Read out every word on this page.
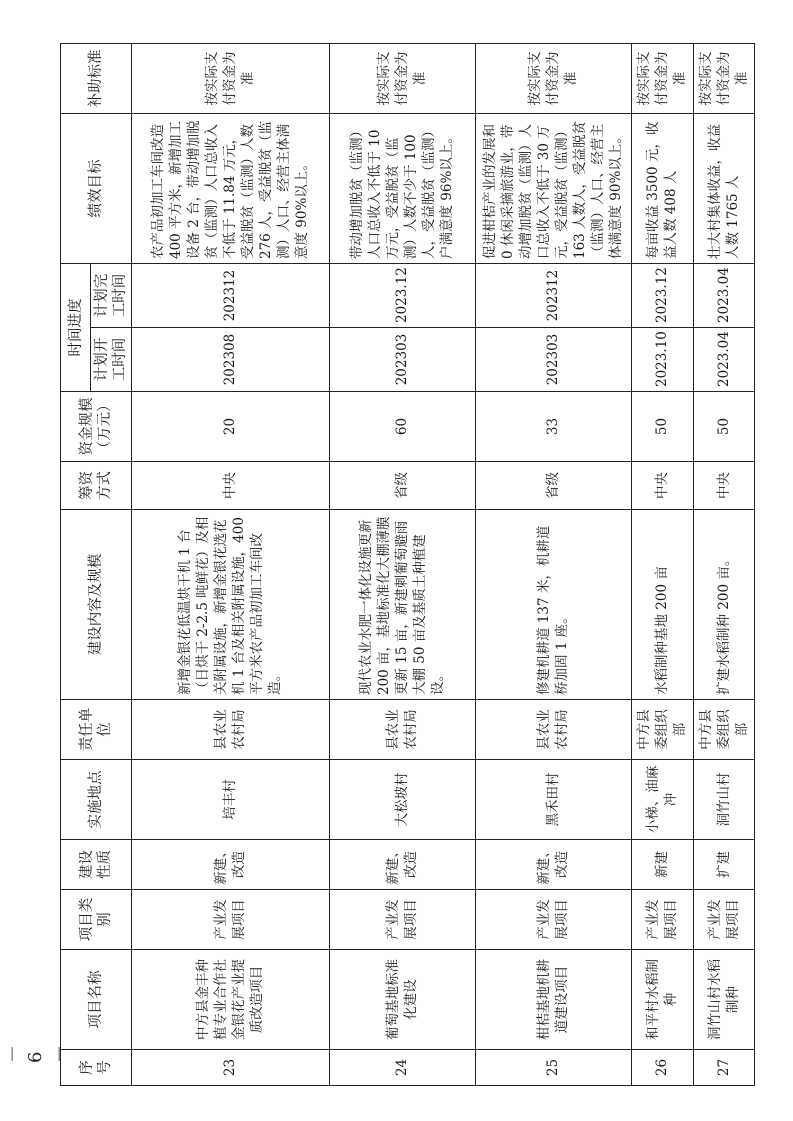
序号	项目名称	项目类别	建设性质	实施地点	责任单位	建设内容及规模	筹资方式	资金规模（万元）	时间进度		绩效目标	补助标准
									计划开工时间	计划完工时间		
23	中方县金丰种植专业合作社金银花产业提质改造项目	产业发展项目	新建、改造	培丰村	县农业农村局	新增金银花低温烘干机 1 台（日烘干 2-2.5 吨鲜花）及相关附属设施，新增金银花选花机 1 台及相关附属设施，400 平方米农产品初加工车间改造。	中央	20	202308	202312	农产品初加工车间改造 400 平方米，新增加工设备 2 台，带动增加脱贫（监测）人口总收入不低于 11.84 万元，受益脱贫（监测）人数 276 人，受益脱贫（监测）人口、经营主体满意度 90%以上。	按实际支付资金为准
24	葡萄基地标准化建设	产业发展项目	新建、改造	大松坡村	县农业农村局	现代农业水肥一体化设施更新 200 亩，基地标准化大棚薄膜更新 15 亩，新建刺葡萄避雨大棚 50 亩及基质土种植建设。	省级	60	202303	2023.12	带动增加脱贫（监测）人口总收入不低于 10 万元，受益脱贫（监测）人数不少于 100 人，受益脱贫（监测）户满意度 96%以上。	按实际支付资金为准
25	柑桔基地机耕道建设项目	产业发展项目	新建、改造	黑禾田村	县农业农村局	修建机耕道 137 米，机耕道桥加固 1 座。	省级	33	202303	202312	促进柑桔产业的发展和 0 休闲采摘旅游业，带动增加脱贫（监测）人口总收入不低于 30 万元，受益脱贫（监测）163 人数人，受益脱贫（监测）人口、经营主体满意度 90%以上。	按实际支付资金为准
26	和平村水稻制种	产业发展项目	新建	小梯、油麻冲	中方县委组织部	水稻制种基地 200 亩	中央	50	2023.10	2023.12	每亩收益 3500 元，收益人数 408 人	按实际支付资金为准
27	洞竹山村水稻制种	产业发展项目	扩建	洞竹山村	中方县委组织部	扩建水稻制种 200 亩。	中央	50	2023.04	2023.04	壮大村集体收益，收益人数 1765 人	按实际支付资金为准
－ 6 －
